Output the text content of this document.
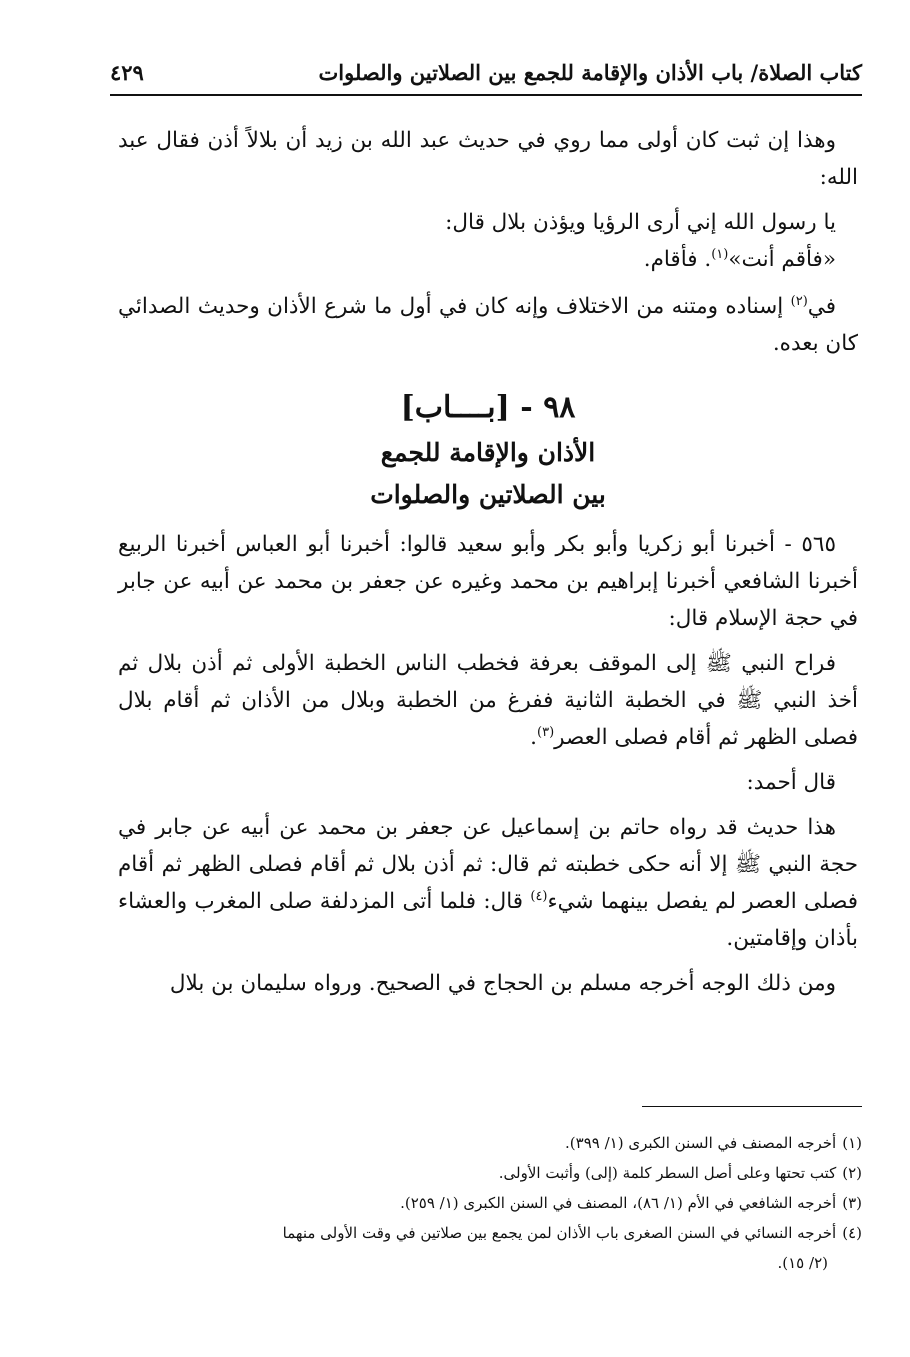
كتاب الصلاة/ باب الأذان والإقامة للجمع بين الصلاتين والصلوات
٤٢٩

وهذا إن ثبت كان أولى مما روي في حديث عبد الله بن زيد أن بلالاً أذن فقال عبد الله:

يا رسول الله إني أرى الرؤيا ويؤذن بلال قال:

«فأقم أنت»$^{(١)}$. فأقام.

في$^{(٢)}$ إسناده ومتنه من الاختلاف وإنه كان في أول ما شرع الأذان وحديث الصدائي كان بعده.

٩٨ - [بــــاب]
الأذان والإقامة للجمع
بين الصلاتين والصلوات

٥٦٥ - أخبرنا أبو زكريا وأبو بكر وأبو سعيد قالوا: أخبرنا أبو العباس أخبرنا الربيع أخبرنا الشافعي أخبرنا إبراهيم بن محمد وغيره عن جعفر بن محمد عن أبيه عن جابر في حجة الإسلام قال:

فراح النبي ﷺ إلى الموقف بعرفة فخطب الناس الخطبة الأولى ثم أذن بلال ثم أخذ النبي ﷺ في الخطبة الثانية ففرغ من الخطبة وبلال من الأذان ثم أقام بلال فصلى الظهر ثم أقام فصلى العصر$^{(٣)}$.

قال أحمد:

هذا حديث قد رواه حاتم بن إسماعيل عن جعفر بن محمد عن أبيه عن جابر في حجة النبي ﷺ إلا أنه حكى خطبته ثم قال: ثم أذن بلال ثم أقام فصلى الظهر ثم أقام فصلى العصر لم يفصل بينهما شيء$^{(٤)}$ قال: فلما أتى المزدلفة صلى المغرب والعشاء بأذان وإقامتين.

ومن ذلك الوجه أخرجه مسلم بن الحجاج في الصحيح. ورواه سليمان بن بلال

(١)أخرجه المصنف في السنن الكبرى (١/ ٣٩٩).

(٢)كتب تحتها وعلى أصل السطر كلمة (إلى) وأثبت الأولى.

(٣)أخرجه الشافعي في الأم (١/ ٨٦)، المصنف في السنن الكبرى (١/ ٢٥٩).

(٤)أخرجه النسائي في السنن الصغرى باب الأذان لمن يجمع بين صلاتين في وقت الأولى منهما

(٢/ ١٥).
